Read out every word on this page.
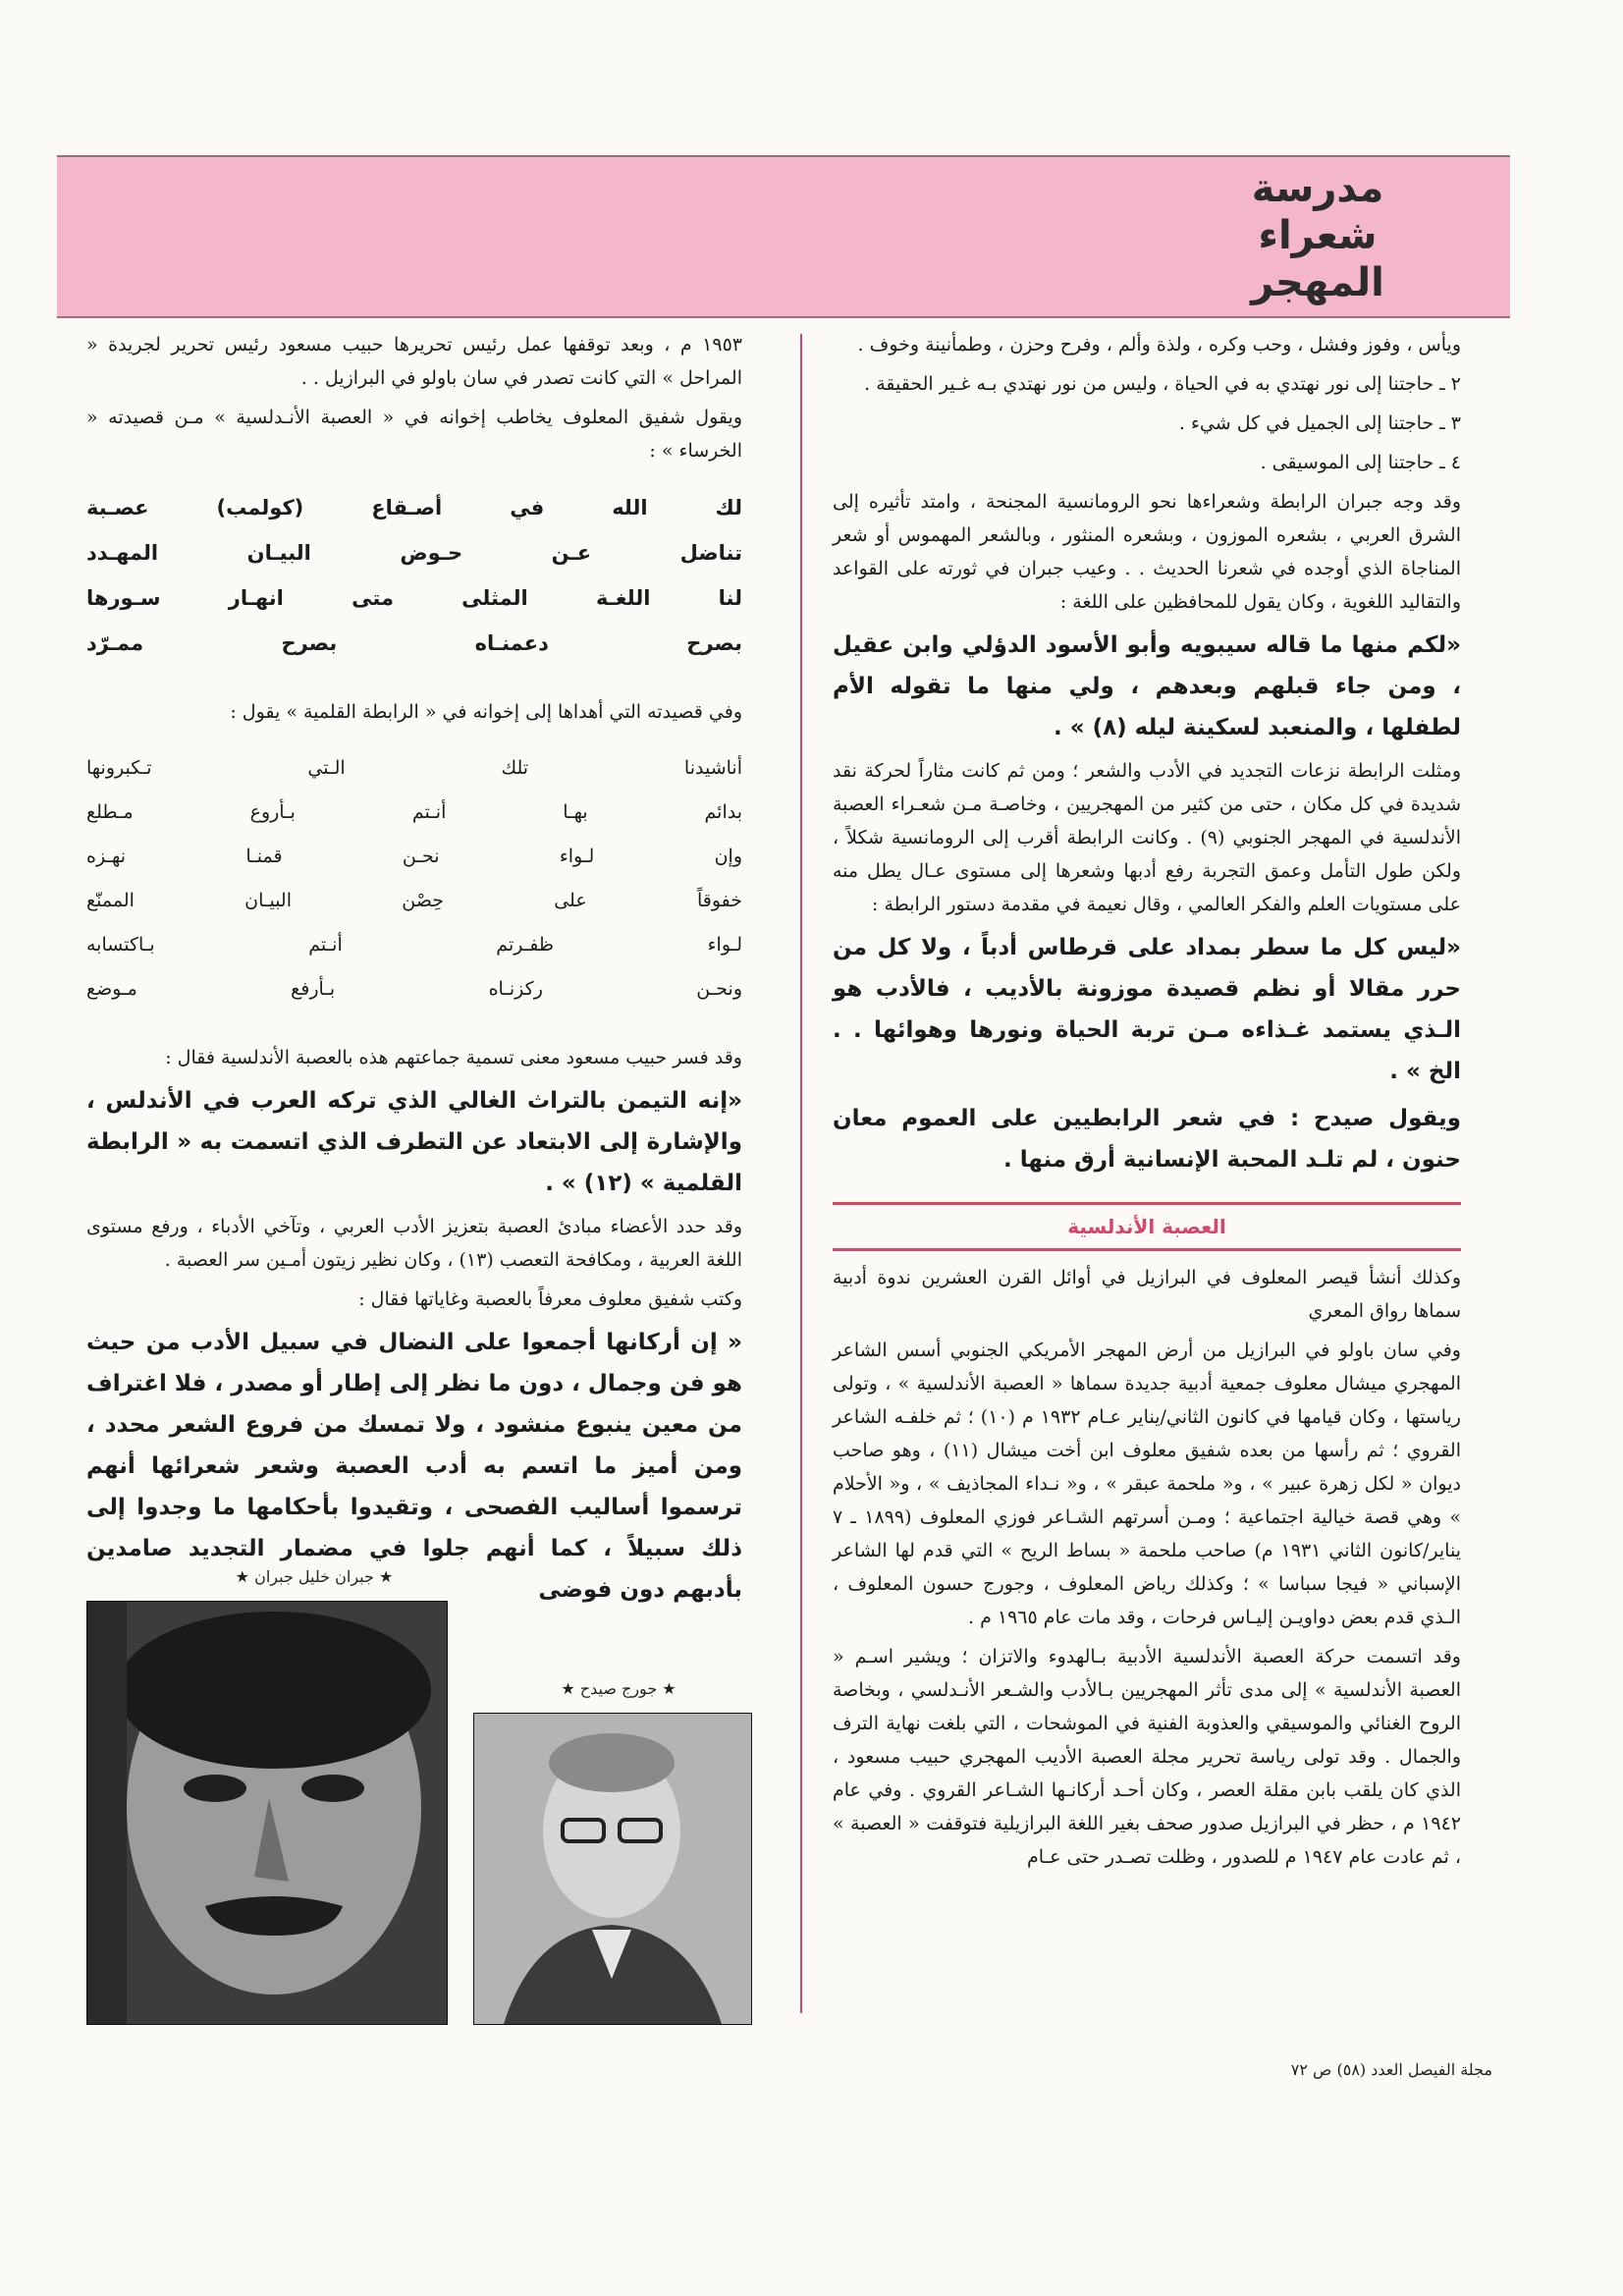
مدرسة
شعراء
المهجر

ويأس ، وفوز وفشل ، وحب وكره ، ولذة وألم ، وفرح وحزن ، وطمأنينة وخوف .

٢ ـ حاجتنا إلى نور نهتدي به في الحياة ، وليس من نور نهتدي بـه غـير الحقيقة .

٣ ـ حاجتنا إلى الجميل في كل شيء .

٤ ـ حاجتنا إلى الموسيقى .

وقد وجه جبران الرابطة وشعراءها نحو الرومانسية المجنحة ، وامتد تأثيره إلى الشرق العربي ، بشعره الموزون ، وبشعره المنثور ، وبالشعر المهموس أو شعر المناجاة الذي أوجده في شعرنا الحديث . . وعيب جبران في ثورته على القواعد والتقاليد اللغوية ، وكان يقول للمحافظين على اللغة :

«لكم منها ما قاله سيبويه وأبو الأسود الدؤلي وابن عقيل ، ومن جاء قبلهم وبعدهم ، ولي منها ما تقوله الأم لطفلها ، والمنعبد لسكينة ليله (٨) » .

ومثلت الرابطة نزعات التجديد في الأدب والشعر ؛ ومن ثم كانت مثاراً لحركة نقد شديدة في كل مكان ، حتى من كثير من المهجريين ، وخاصـة مـن شعـراء العصبة الأندلسية في المهجر الجنوبي (٩) . وكانت الرابطة أقرب إلى الرومانسية شكلاً ، ولكن طول التأمل وعمق التجربة رفع أدبها وشعرها إلى مستوى عـال يطل منه على مستويات العلم والفكر العالمي ، وقال نعيمة في مقدمة دستور الرابطة :

«ليس كل ما سطر بمداد على قرطاس أدباً ، ولا كل من حرر مقالا أو نظم قصيدة موزونة بالأديب ، فالأدب هو الـذي يستمد غـذاءه مـن تربة الحياة ونورها وهوائها . . الخ » .

ويقول صيدح : في شعر الرابطيين على العموم معان حنون ، لم تلـد المحبة الإنسانية أرق منها .

العصبة الأندلسية

وكذلك أنشأ قيصر المعلوف في البرازيل في أوائل القرن العشرين ندوة أدبية سماها رواق المعري

وفي سان باولو في البرازيل من أرض المهجر الأمريكي الجنوبي أسس الشاعر المهجري ميشال معلوف جمعية أدبية جديدة سماها « العصبة الأندلسية » ، وتولى رياستها ، وكان قيامها في كانون الثاني/يناير عـام ١٩٣٢ م (١٠) ؛ ثم خلفـه الشاعر القروي ؛ ثم رأسها من بعده شفيق معلوف ابن أخت ميشال (١١) ، وهو صاحب ديوان « لكل زهرة عبير » ، و« ملحمة عبقر » ، و« نـداء المجاذيف » ، و« الأحلام » وهي قصة خيالية اجتماعية ؛ ومـن أسرتهم الشـاعر فوزي المعلوف (١٨٩٩ ـ ٧ يناير/كانون الثاني ١٩٣١ م) صاحب ملحمة « بساط الريح » التي قدم لها الشاعر الإسباني « فيجا سباسا » ؛ وكذلك رياض المعلوف ، وجورج حسون المعلوف ، الـذي قدم بعض دواويـن إليـاس فرحات ، وقد مات عام ١٩٦٥ م .

وقد اتسمت حركة العصبة الأندلسية الأدبية بـالهدوء والاتزان ؛ ويشير اسـم « العصبة الأندلسية » إلى مدى تأثر المهجريين بـالأدب والشـعر الأنـدلسي ، وبخاصة الروح الغنائي والموسيقي والعذوبة الفنية في الموشحات ، التي بلغت نهاية الترف والجمال . وقد تولى رياسة تحرير مجلة العصبة الأديب المهجري حبيب مسعود ، الذي كان يلقب بابن مقلة العصر ، وكان أحـد أركانـها الشـاعر القروي . وفي عام ١٩٤٢ م ، حظر في البرازيل صدور صحف بغير اللغة البرازيلية فتوقفت « العصبة » ، ثم عادت عام ١٩٤٧ م للصدور ، وظلت تصـدر حتى عـام

١٩٥٣ م ، وبعد توقفها عمل رئيس تحريرها حبيب مسعود رئيس تحرير لجريدة « المراحل » التي كانت تصدر في سان باولو في البرازيل . .

ويقول شفيق المعلوف يخاطب إخوانه في « العصبة الأنـدلسية » مـن قصيدته « الخرساء » :

لك الله في أصـقاع (كولمب) عصـبة
تناضل عـن حـوض البيـان المهـدد
لنا اللغـة المثلى متى انهـار سـورها
بصرح دعمنـاه بصرح ممـرّد

وفي قصيدته التي أهداها إلى إخوانه في « الرابطة القلمية » يقول :

أناشيدنا تلك الـتي تـكبرونها
بدائم بهـا أنـتم بـأروع مـطلع
وإن لـواء نحـن قمنـا نهـزه
خفوقاً على حِصْن البيـان الممنّع
لـواء ظفـرتم أنـتم بـاكتسابه
ونحـن ركزنـاه بـأرفع مـوضع

وقد فسر حبيب مسعود معنى تسمية جماعتهم هذه بالعصبة الأندلسية فقال :

«إنه التيمن بالتراث الغالي الذي تركه العرب في الأندلس ، والإشارة إلى الابتعاد عن التطرف الذي اتسمت به « الرابطة القلمية » (١٢) » .

وقد حدد الأعضاء مبادئ العصبة بتعزيز الأدب العربي ، وتآخي الأدباء ، ورفع مستوى اللغة العربية ، ومكافحة التعصب (١٣) ، وكان نظير زيتون أمـين سر العصبة .

وكتب شفيق معلوف معرفاً بالعصبة وغاياتها فقال :

« إن أركانها أجمعوا على النضال في سبيل الأدب من حيث هو فن وجمال ، دون ما نظر إلى إطار أو مصدر ، فلا اغتراف من معين ينبوع منشود ، ولا تمسك من فروع الشعر محدد ، ومن أميز ما اتسم به أدب العصبة وشعر شعرائها أنهم ترسموا أساليب الفصحى ، وتقيدوا بأحكامها ما وجدوا إلى ذلك سبيلاً ، كما أنهم جلوا في مضمار التجديد صامدين بأدبهم دون فوضى

★ جبران خليل جبران ★
★ جورج صيدح ★
مجلة الفيصل العدد (٥٨) ص ٧٢
